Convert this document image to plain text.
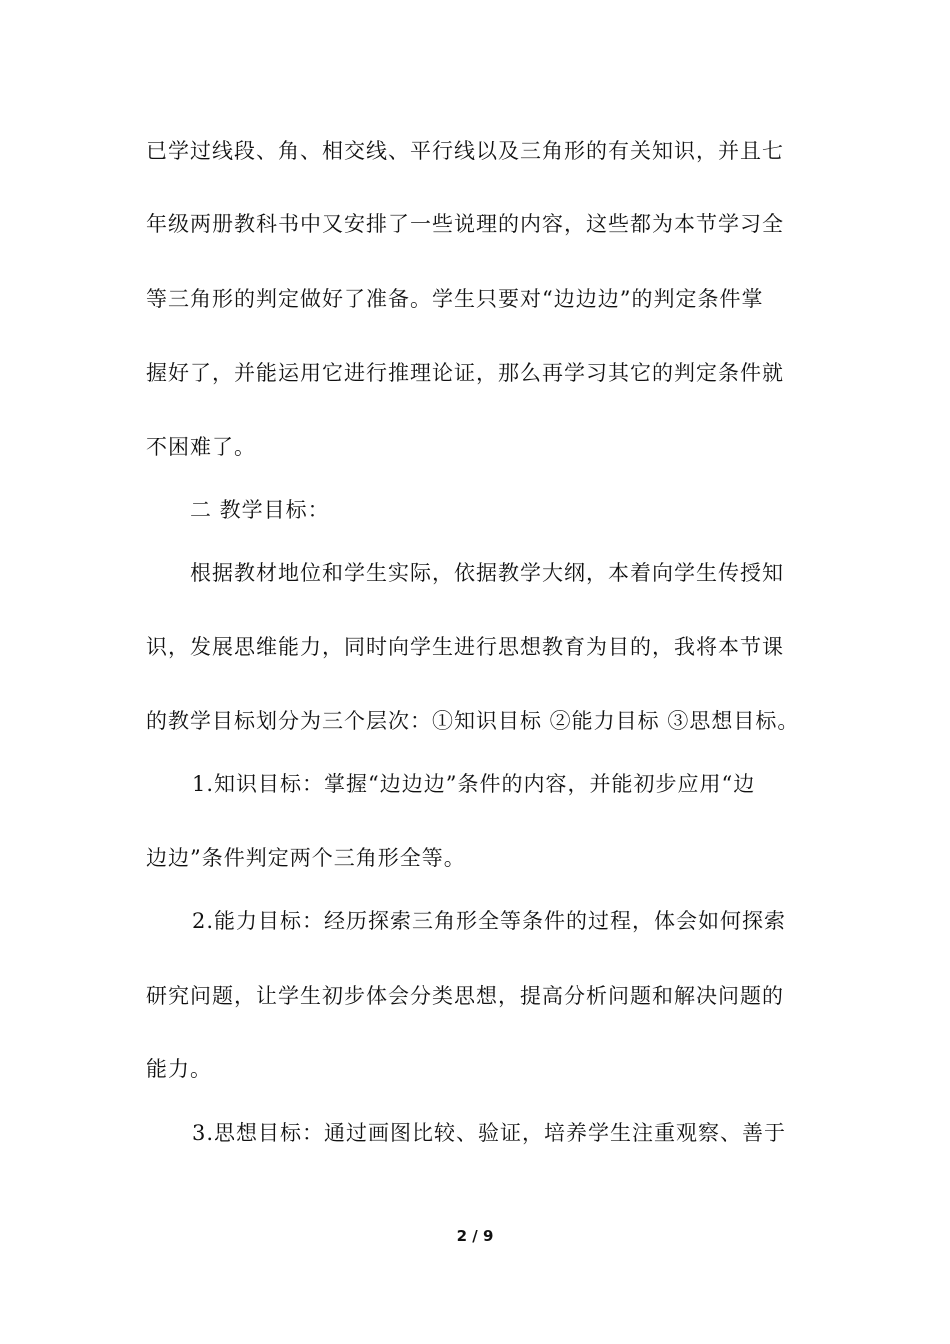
已学过线段、角、相交线、平行线以及三角形的有关知识，并且七
年级两册教科书中又安排了一些说理的内容，这些都为本节学习全
等三角形的判定做好了准备。学生只要对“边边边”的判定条件掌
握好了，并能运用它进行推理论证，那么再学习其它的判定条件就
不困难了。
二 教学目标：
根据教材地位和学生实际，依据教学大纲，本着向学生传授知
识，发展思维能力，同时向学生进行思想教育为目的，我将本节课
的教学目标划分为三个层次：①知识目标 ②能力目标 ③思想目标。
1.知识目标：掌握“边边边”条件的内容，并能初步应用“边
边边”条件判定两个三角形全等。
2.能力目标：经历探索三角形全等条件的过程，体会如何探索
研究问题，让学生初步体会分类思想，提高分析问题和解决问题的
能力。
3.思想目标：通过画图比较、验证，培养学生注重观察、善于
2 / 9
